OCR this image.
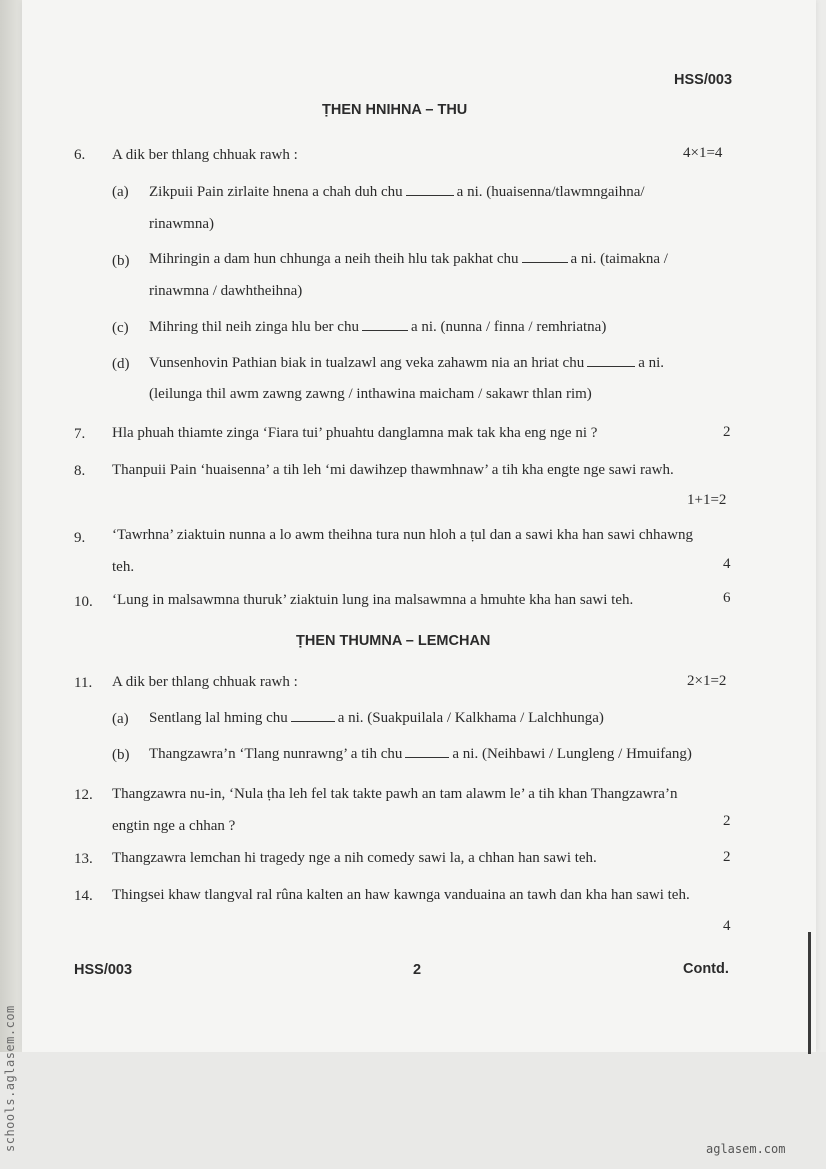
HSS/003
ṬHEN HNIHNA – THU
6. A dik ber thlang chhuak rawh :	4×1=4
(a) Zikpuii Pain zirlaite hnena a chah duh chu	a ni. (huaisenna/tlawmngaihna/
rinawmna)
(b) Mihringin a dam hun chhunga a neih theih hlu tak pakhat chu	a ni. (taimakna /
rinawmna / dawhtheihna)
(c) Mihring thil neih zinga hlu ber chu	a ni. (nunna / finna / remhriatna)
(d) Vunsenhovin Pathian biak in tualzawl ang veka zahawm nia an hriat chu	a ni.
(leilunga thil awm zawng zawng / inthawina maicham / sakawr thlan rim)
7. Hla phuah thiamte zinga ‘Fiara tui’ phuahtu danglamna mak tak kha eng nge ni ?	2
8. Thanpuii Pain ‘huaisenna’ a tih leh ‘mi dawihzep thawmhnaw’ a tih kha engte nge sawi rawh.
1+1=2
9. ‘Tawrhna’ ziaktuin nunna a lo awm theihna tura nun hloh a ṭul dan a sawi kha han sawi chhawng
teh.	4
10. ‘Lung in malsawmna thuruk’ ziaktuin lung ina malsawmna a hmuhte kha han sawi teh.	6
ṬHEN THUMNA – LEMCHAN
11. A dik ber thlang chhuak rawh :	2×1=2
(a) Sentlang lal hming chu	a ni. (Suakpuilala / Kalkhama / Lalchhunga)
(b) Thangzawra’n ‘Tlang nunrawng’ a tih chu	a ni. (Neihbawi / Lungleng / Hmuifang)
12. Thangzawra nu-in, ‘Nula ṭha leh fel tak takte pawh an tam alawm le’ a tih khan Thangzawra’n
engtin nge a chhan ?	2
13. Thangzawra lemchan hi tragedy nge a nih comedy sawi la, a chhan han sawi teh.	2
14. Thingsei khaw tlangval ral rûna kalten an haw kawnga vanduaina an tawh dan kha han sawi teh.
4
HSS/003	2	Contd.
schools.aglasem.com	aglasem.com
